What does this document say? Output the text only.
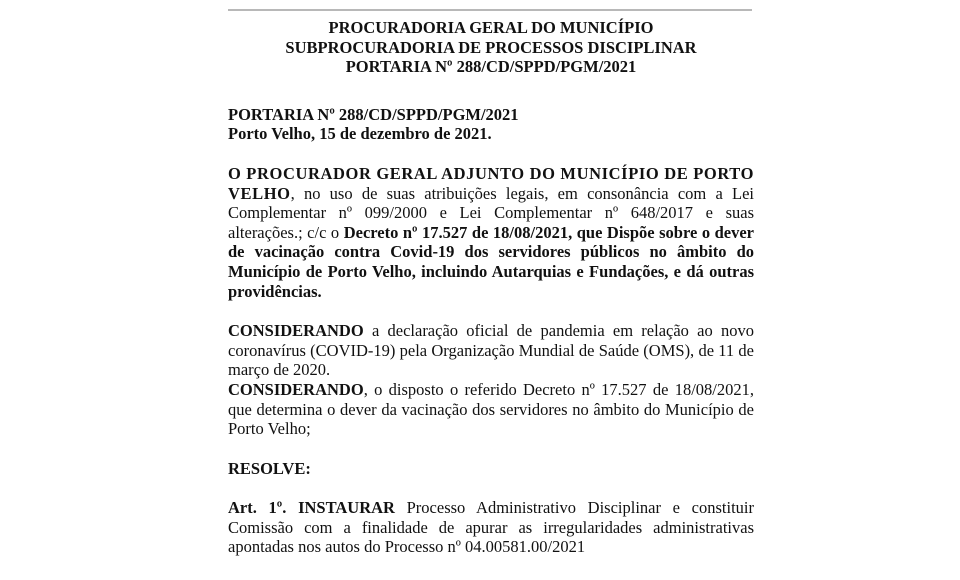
PROCURADORIA GERAL DO MUNICÍPIO
SUBPROCURADORIA DE PROCESSOS DISCIPLINAR
PORTARIA Nº 288/CD/SPPD/PGM/2021
PORTARIA Nº 288/CD/SPPD/PGM/2021
Porto Velho, 15 de dezembro de 2021.

O PROCURADOR GERAL ADJUNTO DO MUNICÍPIO DE PORTO VELHO, no uso de suas atribuições legais, em consonância com a Lei Complementar nº 099/2000 e Lei Complementar nº 648/2017 e suas alterações.; c/c o Decreto nº 17.527 de 18/08/2021, que Dispõe sobre o dever de vacinação contra Covid-19 dos servidores públicos no âmbito do Município de Porto Velho, incluindo Autarquias e Fundações, e dá outras providências.

CONSIDERANDO a declaração oficial de pandemia em relação ao novo coronavírus (COVID-19) pela Organização Mundial de Saúde (OMS), de 11 de março de 2020.

CONSIDERANDO, o disposto o referido Decreto nº 17.527 de 18/08/2021, que determina o dever da vacinação dos servidores no âmbito do Município de Porto Velho;

RESOLVE:

Art. 1º. INSTAURAR Processo Administrativo Disciplinar e constituir Comissão com a finalidade de apurar as irregularidades administrativas apontadas nos autos do Processo nº 04.00581.00/2021
